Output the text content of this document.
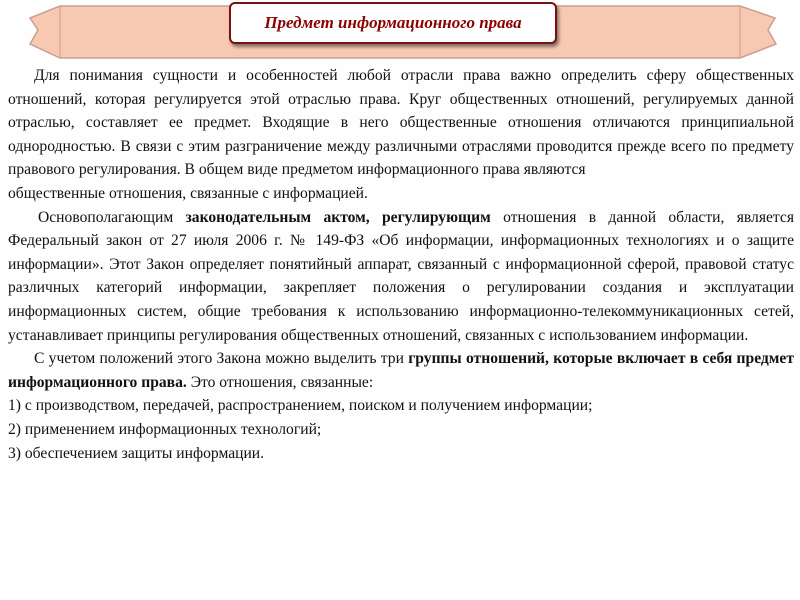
Предмет информационного права

Для понимания сущности и особенностей любой отрасли права важно определить сферу общественных отношений, которая регулируется этой отраслью права. Круг общественных отношений, регулируемых данной отраслью, составляет ее предмет. Входящие в него общественные отношения отличаются принципиальной однородностью. В связи с этим разграничение между различными отраслями проводится прежде всего по предмету правового регулирования. В общем виде предметом информационного права являются
общественные отношения, связанные с информацией.

Основополагающим законодательным актом, регулирующим отношения в данной области, является Федеральный закон от 27 июля 2006 г. № 149-ФЗ «Об информации, информационных технологиях и о защите информации». Этот Закон определяет понятийный аппарат, связанный с информационной сферой, правовой статус различных категорий информации, закрепляет положения о регулировании создания и эксплуатации информационных систем, общие требования к использованию информационно-телекоммуникационных сетей, устанавливает принципы регулирования общественных отношений, связанных с использованием информации.

С учетом положений этого Закона можно выделить три группы отношений, которые включает в себя предмет информационного права. Это отношения, связанные:

1) с производством, передачей, распространением, поиском и получением информации;

2) применением информационных технологий;

3) обеспечением защиты информации.
